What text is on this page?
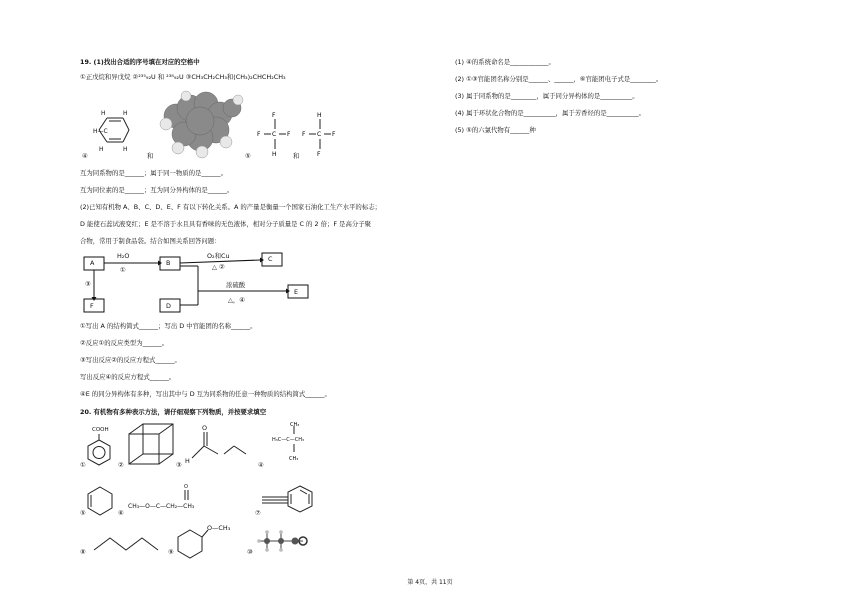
19. (1)找出合适的序号填在对应的空格中
①正戊烷和异戊烷 ②²³⁵₉₂U 和 ²³⁸₉₂U ③CH₃CH₂CH₃和(CH₃)₂CHCH₂CH₃
H—C
H	H
H	H
④	和	⑤
F
F C F
H	和
H
F C F
F
互为同系物的是______；属于同一物质的是______。
互为同位素的是______；互为同分异构体的是______。
(2)已知有机物 A、B、C、D、E、F 有以下转化关系。A 的产量是衡量一个国家石油化工生产水平的标志；
D 能使石蕊试液变红；E 是不溶于水且具有香味的无色液体，相对分子质量是 C 的 2 倍；F 是高分子聚
合物，常用于制食品袋。结合如图关系回答问题：
A	B	C
D
E
F
H₂O
①
O₂和Cu
△ ②
③	浓硫酸
△，④
①写出 A 的结构简式______；写出 D 中官能团的名称______。
②反应①的反应类型为______。
③写出反应②的反应方程式______。
写出反应④的反应方程式______。
④E 的同分异构体有多种，写出其中与 D 互为同系物的任意一种物质的结构简式______。
20. 有机物有多种表示方法，请仔细观察下列物质，并按要求填空
COOH
①	②
O
H
③
CH₃
CH₃
H₃C—C—CH₃
④
⑤	⑥
O
CH₃—O—C—CH₂—CH₃
⑦
⑧
O—CH₃
⑨	⑩
(1) ④的系统命名是____________。
(2) ①③官能团名称分别是______、______，⑥官能团电子式是________。
(3) 属于同系物的是________，属于同分异构体的是__________。
(4) 属于环状化合物的是__________，属于芳香烃的是__________。
(5) ⑤的六氯代物有______种
第 4页，共 11页
